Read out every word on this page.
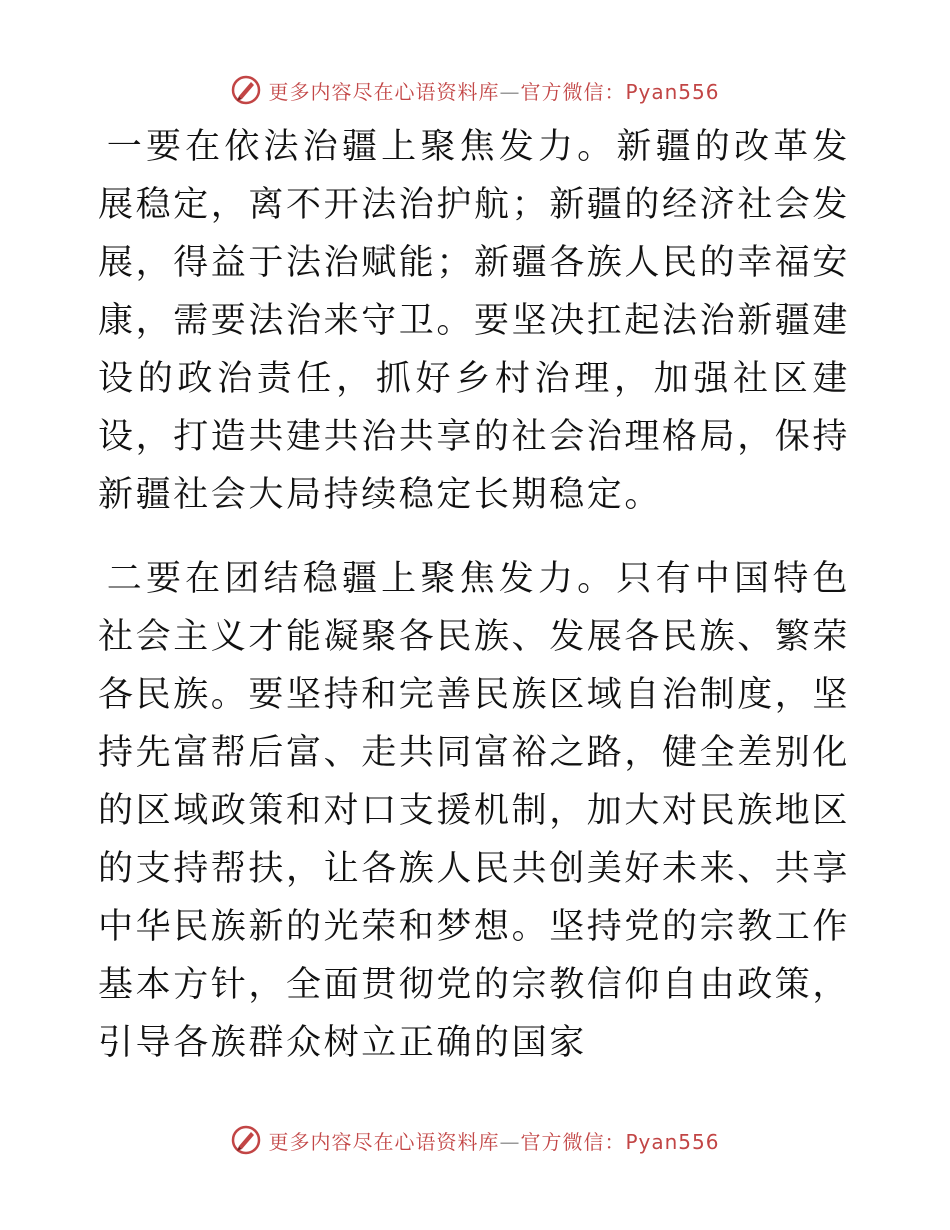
更多内容尽在心语资料库—官方微信：Pyan556

一要在依法治疆上聚焦发力。新疆的改革发展稳定，离不开法治护航；新疆的经济社会发展，得益于法治赋能；新疆各族人民的幸福安康，需要法治来守卫。要坚决扛起法治新疆建设的政治责任，抓好乡村治理，加强社区建设，打造共建共治共享的社会治理格局，保持新疆社会大局持续稳定长期稳定。

二要在团结稳疆上聚焦发力。只有中国特色社会主义才能凝聚各民族、发展各民族、繁荣各民族。要坚持和完善民族区域自治制度，坚持先富帮后富、走共同富裕之路，健全差别化的区域政策和对口支援机制，加大对民族地区的支持帮扶，让各族人民共创美好未来、共享中华民族新的光荣和梦想。坚持党的宗教工作基本方针，全面贯彻党的宗教信仰自由政策，引导各族群众树立正确的国家

更多内容尽在心语资料库—官方微信：Pyan556
